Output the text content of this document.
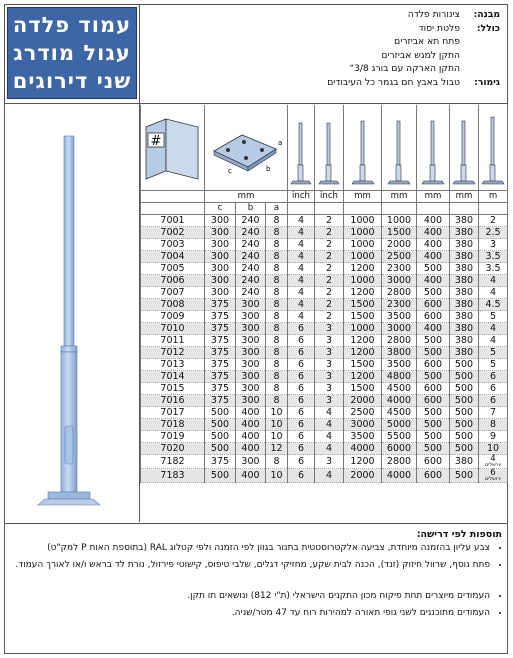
עמוד פלדה
עגול מודרג
שני דירוגים
מבנה:
צינורות פלדה
כולל:
פלטת יסוד
פתח תא אביזרים
התקן למגש אביזרים
התקן הארקה עם בורג 3/8"
גימור:
טבול באבץ חם בגמר כל העיבודים
#	c b
a

	mm			inch	inch	mm	mm	mm	mm	m
	c	b	a							
7001	300	240	8	4	2	1000	1000	400	380	2
7002	300	240	8	4	2	1000	1500	400	380	2.5
7003	300	240	8	4	2	1000	2000	400	380	3
7004	300	240	8	4	2	1000	2500	400	380	3.5
7005	300	240	8	4	2	1200	2300	500	380	3.5
7006	300	240	8	4	2	1000	3000	400	380	4
7007	300	240	8	4	2	1200	2800	500	380	4
7008	375	300	8	4	2	1500	2300	600	380	4.5
7009	375	300	8	4	2	1500	3500	600	380	5
7010	375	300	8	6	3	1000	3000	400	380	4
7011	375	300	8	6	3	1200	2800	500	380	4
7012	375	300	8	6	3	1200	3800	500	380	5
7013	375	300	8	6	3	1500	3500	600	500	5
7014	375	300	8	6	3	1200	4800	500	500	6
7015	375	300	8	6	3	1500	4500	600	500	6
7016	375	300	8	6	3	2000	4000	600	500	6
7017	500	400	10	6	4	2500	4500	500	500	7
7018	500	400	10	6	4	3000	5000	500	500	8
7019	500	400	10	6	4	3500	5500	500	500	9
7020	500	400	12	6	4	4000	6000	500	500	10
7182	375	300	8	6	3	1200	2800	600	380	4
יורשלים

7183	500	400	10	6	4	2000	4000	600	500	6
ירושלים
תוספות לפי דרישה:
• צבע עליון בהזמנה מיוחדת, צביעה אלקטרוסטטית בתנור בגוון לפי הזמנה ולפי קטלוג RAL (בתוספת האות P למק"ט)
• פתח נוסף, שרוול חיזוק (זנד), הכנה לבית שקע, מחזיקי דגלים, שלבי טיפוס, קישוטי פירזול, נורת לד בראש ו/או לאורך העמוד.
• העמודים מיוצרים תחת פיקוח מכון התקנים הישראלי (ת"י 812) ונושאים תו תקן.
• העמודים מתוכננים לשני גופי תאורה למהירות רוח עד 47 מטר/שניה.
